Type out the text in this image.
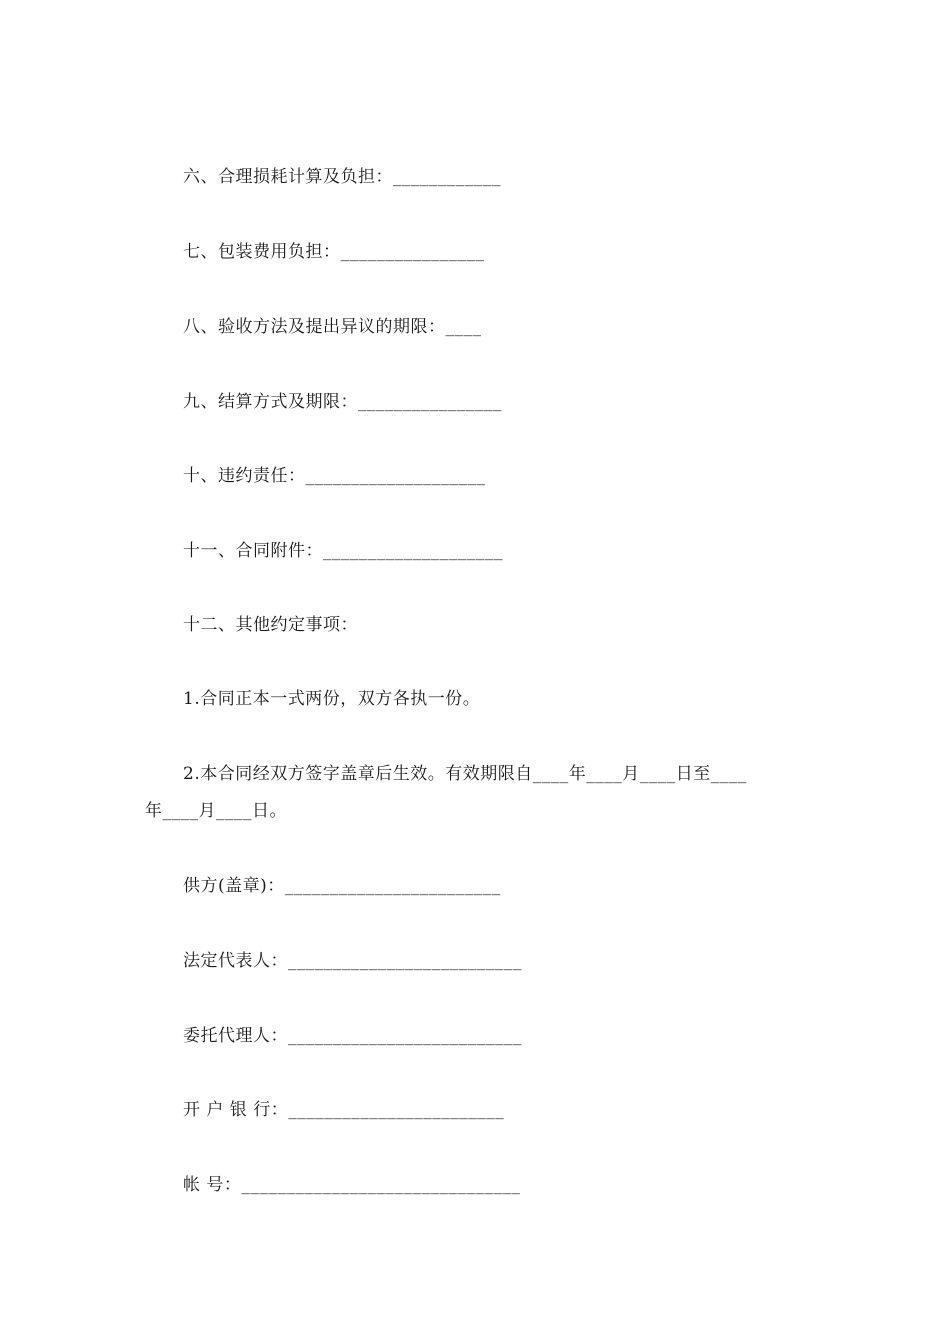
六、合理损耗计算及负担：____________
七、包装费用负担：________________
八、验收方法及提出异议的期限：____
九、结算方式及期限：________________
十、违约责任：____________________
十一、合同附件：____________________
十二、其他约定事项：
1.合同正本一式两份，双方各执一份。
2.本合同经双方签字盖章后生效。有效期限自____年____月____日至____
年____月____日。
供方(盖章)：________________________
法定代表人：__________________________
委托代理人：__________________________
开 户 银 行：________________________
帐 号：_______________________________
